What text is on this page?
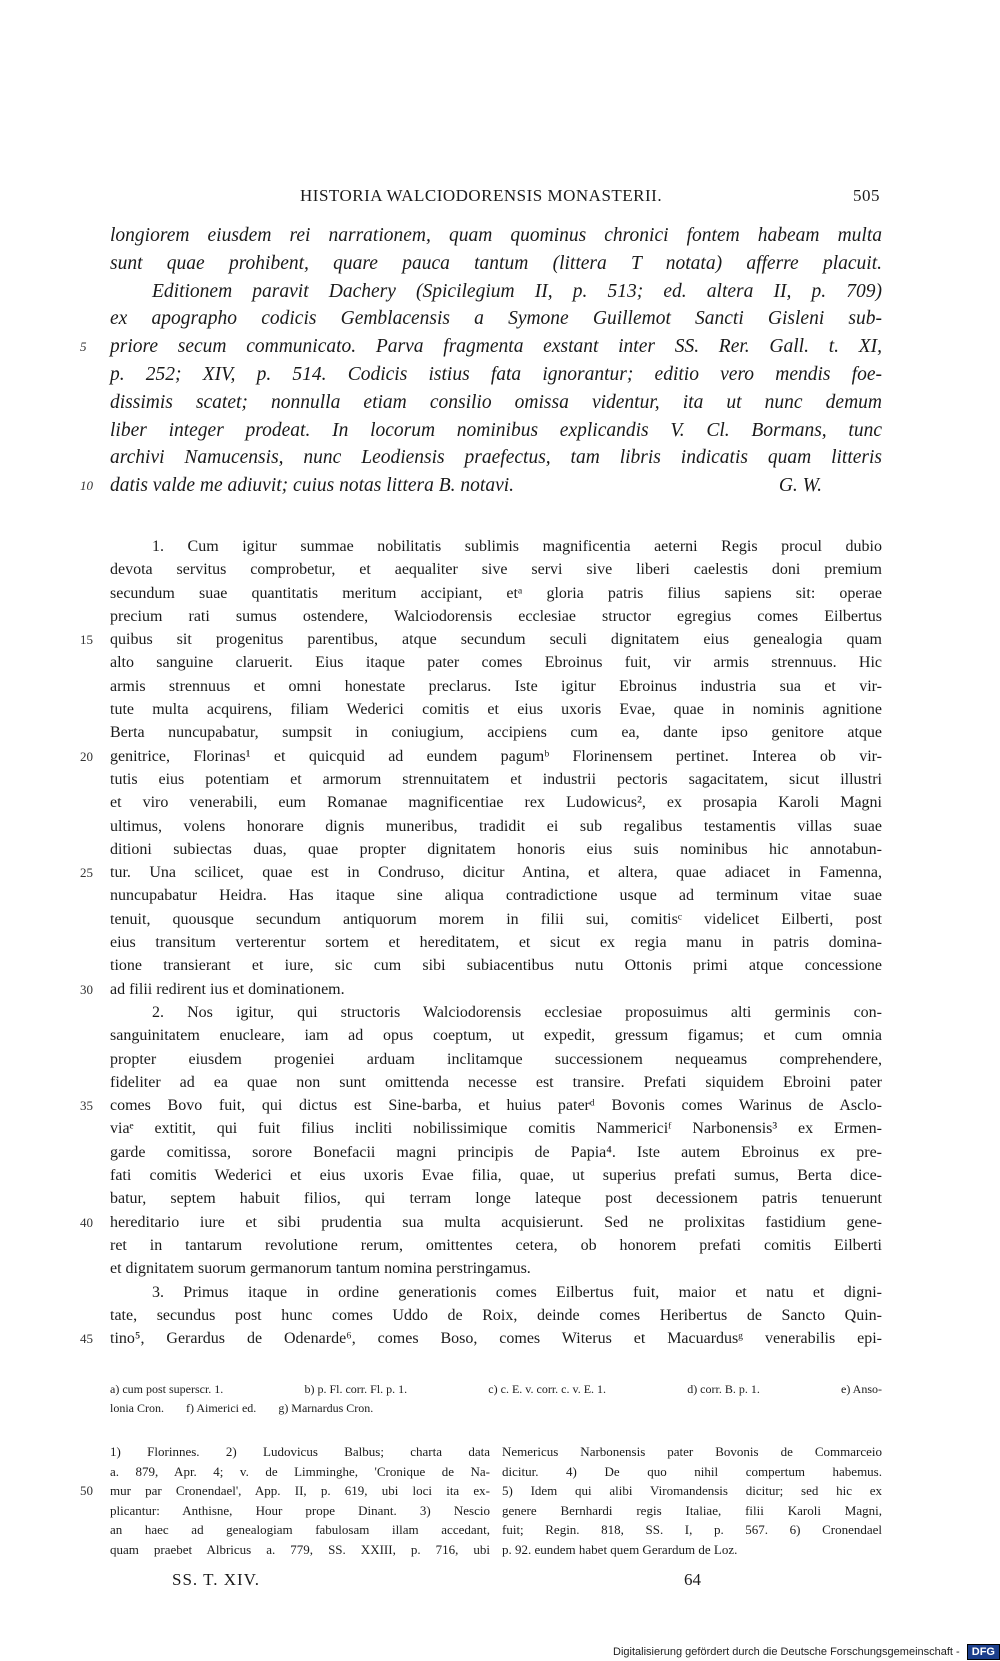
HISTORIA WALCIODORENSIS MONASTERII.	505
longiorem eiusdem rei narrationem, quam quominus chronici fontem habeam multa
sunt quae prohibent, quare pauca tantum (littera T notata) afferre placuit.
Editionem paravit Dachery (Spicilegium II, p. 513; ed. altera II, p. 709)
ex apographo codicis Gemblacensis a Symone Guillemot Sancti Gisleni sub-
5	priore secum communicato. Parva fragmenta exstant inter SS. Rer. Gall. t. XI,
p. 252; XIV, p. 514. Codicis istius fata ignorantur; editio vero mendis foe-
dissimis scatet; nonnulla etiam consilio omissa videntur, ita ut nunc demum
liber integer prodeat. In locorum nominibus explicandis V. Cl. Bormans, tunc
archivi Namucensis, nunc Leodiensis praefectus, tam libris indicatis quam litteris
10 datis valde me adiuvit; cuius notas littera B. notavi.	G. W.
1. Cum igitur summae nobilitatis sublimis magnificentia aeterni Regis procul dubio
devota servitus comprobetur, et aequaliter sive servi sive liberi caelestis doni premium
secundum suae quantitatis meritum accipiant, etᵃ gloria patris filius sapiens sit: operae
precium rati sumus ostendere, Walciodorensis ecclesiae structor egregius comes Eilbertus
15	quibus sit progenitus parentibus, atque secundum seculi dignitatem eius genealogia quam
alto sanguine claruerit. Eius itaque pater comes Ebroinus fuit, vir armis strennuus. Hic
armis strennuus et omni honestate preclarus. Iste igitur Ebroinus industria sua et vir-
tute multa acquirens, filiam Wederici comitis et eius uxoris Evae, quae in nominis agnitione
Berta nuncupabatur, sumpsit in coniugium, accipiens cum ea, dante ipso genitore atque
20	genitrice, Florinas¹ et quicquid ad eundem pagumᵇ Florinensem pertinet. Interea ob vir-
tutis eius potentiam et armorum strennuitatem et industrii pectoris sagacitatem, sicut illustri
et viro venerabili, eum Romanae magnificentiae rex Ludowicus², ex prosapia Karoli Magni
ultimus, volens honorare dignis muneribus, tradidit ei sub regalibus testamentis villas suae
ditioni subiectas duas, quae propter dignitatem honoris eius suis nominibus hic annotabun-
25	tur. Una scilicet, quae est in Condruso, dicitur Antina, et altera, quae adiacet in Famenna,
nuncupabatur Heidra. Has itaque sine aliqua contradictione usque ad terminum vitae suae
tenuit, quousque secundum antiquorum morem in filii sui, comitisᶜ videlicet Eilberti, post
eius transitum verterentur sortem et hereditatem, et sicut ex regia manu in patris domina-
tione transierant et iure, sic cum sibi subiacentibus nutu Ottonis primi atque concessione
30	ad filii redirent ius et dominationem.
2. Nos igitur, qui structoris Walciodorensis ecclesiae proposuimus alti germinis con-
sanguinitatem enucleare, iam ad opus coeptum, ut expedit, gressum figamus; et cum omnia
propter eiusdem progeniei arduam inclitamque successionem nequeamus comprehendere,
fideliter ad ea quae non sunt omittenda necesse est transire. Prefati siquidem Ebroini pater
35	comes Bovo fuit, qui dictus est Sine-barba, et huius paterᵈ Bovonis comes Warinus de Asclo-
viaᵉ extitit, qui fuit filius incliti nobilissimique comitis Nammericiᶠ Narbonensis³ ex Ermen-
garde comitissa, sorore Bonefacii magni principis de Papia⁴. Iste autem Ebroinus ex pre-
fati comitis Wederici et eius uxoris Evae filia, quae, ut superius prefati sumus, Berta dice-
batur, septem habuit filios, qui terram longe lateque post decessionem patris tenuerunt
40	hereditario iure et sibi prudentia sua multa acquisierunt. Sed ne prolixitas fastidium gene-
ret in tantarum revolutione rerum, omittentes cetera, ob honorem prefati comitis Eilberti
et dignitatem suorum germanorum tantum nomina perstringamus.
3. Primus itaque in ordine generationis comes Eilbertus fuit, maior et natu et digni-
tate, secundus post hunc comes Uddo de Roix, deinde comes Heribertus de Sancto Quin-
45	tino⁵, Gerardus de Odenarde⁶, comes Boso, comes Witerus et Macuardusᵍ venerabilis epi-
a) cum post superscr. 1.	b) p. Fl. corr. Fl. p. 1.	c) c. E. v. corr. c. v. E. 1.	d) corr. B. p. 1.	e) Anso-
lonia Cron. f) Aimerici ed. g) Marnardus Cron.
1) Florinnes. 2) Ludovicus Balbus; charta data
a. 879, Apr. 4; v. de Limminghe, 'Cronique de Na-
50	mur par Cronendael', App. II, p. 619, ubi loci ita ex-
plicantur: Anthisne, Hour prope Dinant. 3) Nescio
an haec ad genealogiam fabulosam illam accedant,
quam praebet Albricus a. 779, SS. XXIII, p. 716, ubi
Nemericus Narbonensis pater Bovonis de Commarceio
dicitur. 4) De quo nihil compertum habemus.
5) Idem qui alibi Viromandensis dicitur; sed hic ex
genere Bernhardi regis Italiae, filii Karoli Magni,
fuit; Regin. 818, SS. I, p. 567. 6) Cronendael
p. 92. eundem habet quem Gerardum de Loz.
SS. T. XIV.	64
Digitalisierung gefördert durch die Deutsche Forschungsgemeinschaft - DFG
